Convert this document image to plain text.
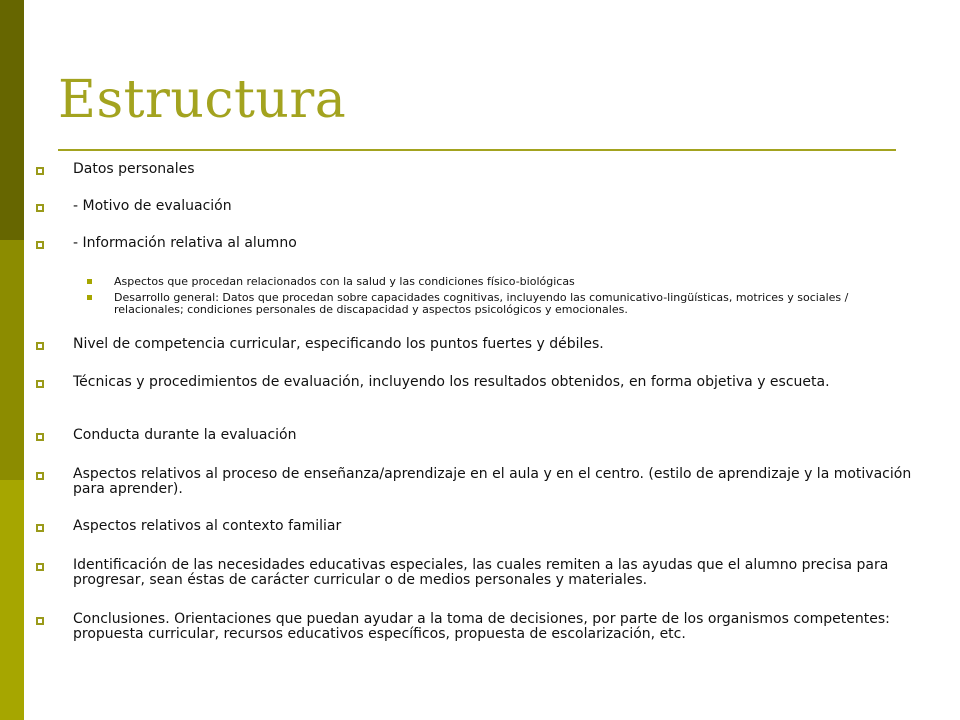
Estructura
Datos personales
- Motivo de evaluación
- Información relativa al alumno
Aspectos que procedan relacionados con la salud y las condiciones físico-biológicas
Desarrollo general: Datos que procedan sobre capacidades cognitivas, incluyendo las comunicativo-lingüísticas, motrices y sociales / relacionales; condiciones personales de discapacidad y aspectos psicológicos y emocionales.
Nivel de competencia curricular, especificando los puntos fuertes y débiles.
Técnicas y procedimientos de evaluación, incluyendo los resultados obtenidos, en forma objetiva y escueta.
Conducta durante la evaluación
Aspectos relativos al proceso de enseñanza/aprendizaje en el aula y en el centro. (estilo de aprendizaje y la motivación para aprender).
Aspectos relativos al contexto familiar
Identificación de las necesidades educativas especiales, las cuales remiten a las ayudas que el alumno precisa para progresar, sean éstas de carácter curricular o de medios personales y materiales.
Conclusiones. Orientaciones que puedan ayudar a la toma de decisiones, por parte de los organismos competentes: propuesta curricular, recursos educativos específicos, propuesta de escolarización, etc.
